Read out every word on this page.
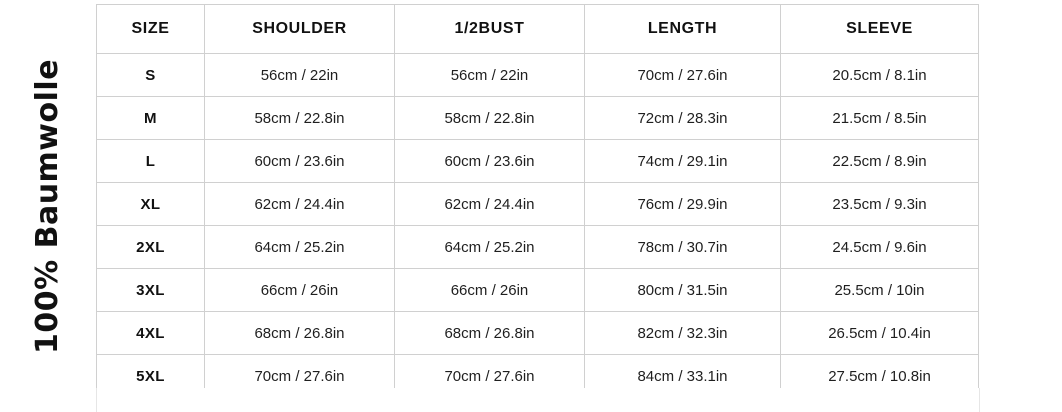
100% Baumwolle
SIZE	SHOULDER	1/2BUST	LENGTH	SLEEVE
S	56cm / 22in	56cm / 22in	70cm / 27.6in	20.5cm / 8.1in
M	58cm / 22.8in	58cm / 22.8in	72cm / 28.3in	21.5cm / 8.5in
L	60cm / 23.6in	60cm / 23.6in	74cm / 29.1in	22.5cm / 8.9in
XL	62cm / 24.4in	62cm / 24.4in	76cm / 29.9in	23.5cm / 9.3in
2XL	64cm / 25.2in	64cm / 25.2in	78cm / 30.7in	24.5cm / 9.6in
3XL	66cm / 26in	66cm / 26in	80cm / 31.5in	25.5cm / 10in
4XL	68cm / 26.8in	68cm / 26.8in	82cm / 32.3in	26.5cm / 10.4in
5XL	70cm / 27.6in	70cm / 27.6in	84cm / 33.1in	27.5cm / 10.8in
